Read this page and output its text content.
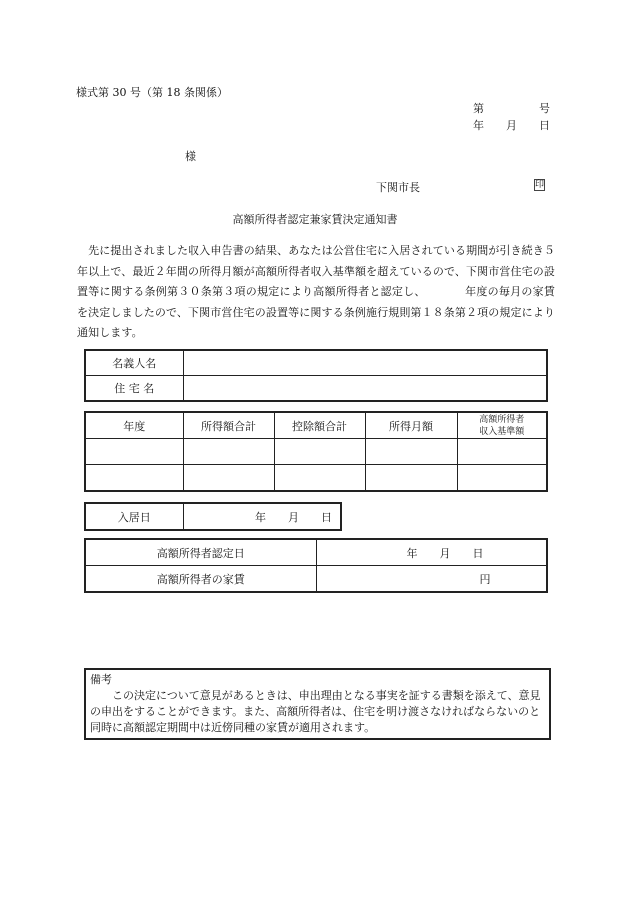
様式第 30 号（第 18 条関係）
第　　　　　号
年　　月　　日
様
下関市長	印
高額所得者認定兼家賃決定通知書
　先に提出されました収入申告書の結果、あなたは公営住宅に入居されている期間が引き続き５年以上で、最近２年間の所得月額が高額所得者収入基準額を超えているので、下関市営住宅の設置等に関する条例第３０条第３項の規定により高額所得者と認定し、　　　　年度の毎月の家賃を決定しましたので、下関市営住宅の設置等に関する条例施行規則第１８条第２項の規定により通知します。
名義人名	
住 宅 名	
年度	所得額合計	控除額合計	所得月額	高額所得者
収入基準額

入居日	年　　月　　日
高額所得者認定日	年　　月　　日
高額所得者の家賃	円

備考

　　この決定について意見があるときは、申出理由となる事実を証する書類を添えて、意見の申出をすることができます。また、高額所得者は、住宅を明け渡さなければならないのと同時に高額認定期間中は近傍同種の家賃が適用されます。
